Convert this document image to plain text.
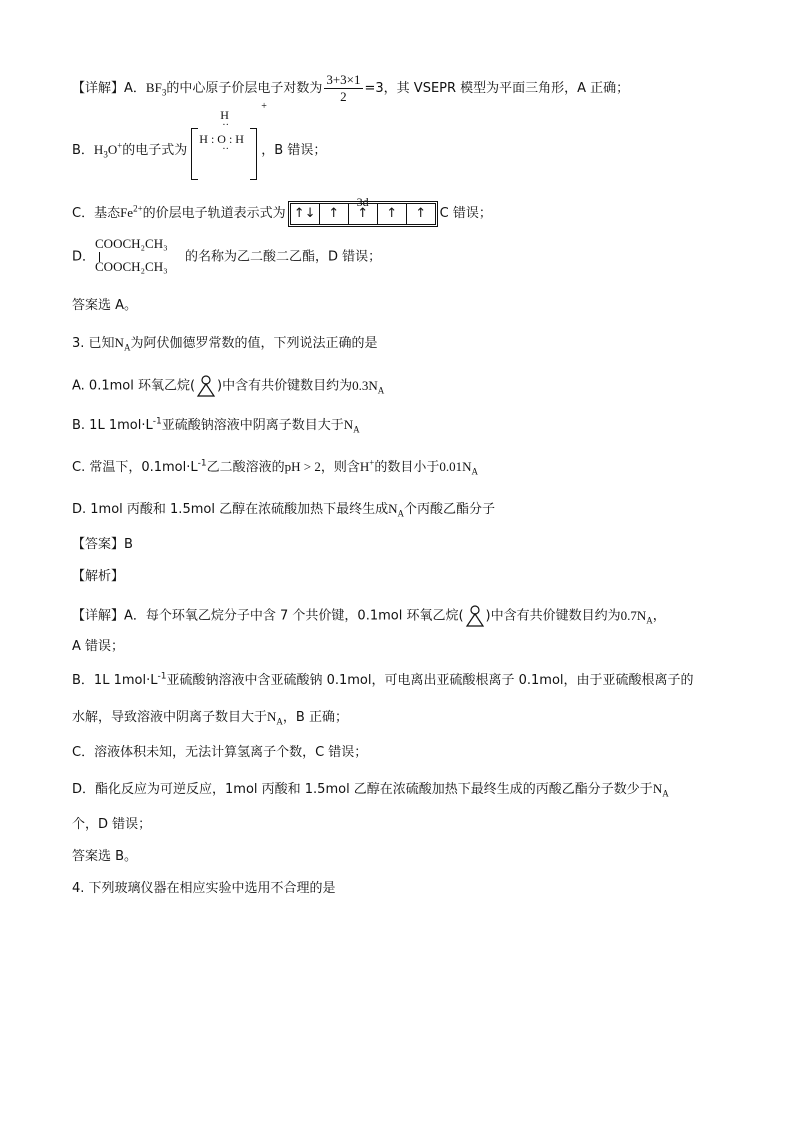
【详解】A．$BF_3$的中心原子价层电子对数为 $\frac{3+3\times 1}{2} =3$，其 VSEPR 模型为平面三角形，A 正确；
B．$H_3O^+$的电子式为
H
··
H : O : H
··
+
，B 错误；
C．基态$Fe^{2+}$的价层电子轨道表示式为
3d
↑↓ ↑	↑	↑	↑	C 错误；
D．
COOCH₂CH₃
COOCH₂CH₃
的名称为乙二酸二乙酯，D 错误；
答案选 A。
3. 已知$N_A$为阿伏伽德罗常数的值，下列说法正确的是
A. 0.1mol 环氧乙烷( )中含有共价键数目约为$0.3N_A$
B. 1L $1mol\cdot L^{-1}$亚硫酸钠溶液中阴离子数目大于$N_A$
C. 常温下，$0.1mol\cdot L^{-1}$乙二酸溶液的pH > 2，则含H+的数目小于$0.01N_A$
D. 1mol 丙酸和 1.5mol 乙醇在浓硫酸加热下最终生成$N_A$个丙酸乙酯分子
【答案】B
【解析】
【详解】A．每个环氧乙烷分子中含 7 个共价键，0.1mol 环氧乙烷( )中含有共价键数目约为$0.7N_A$，
A 错误；
B．1L $1mol\cdot L^{-1}$亚硫酸钠溶液中含亚硫酸钠 0.1mol，可电离出亚硫酸根离子 0.1mol，由于亚硫酸根离子的
水解，导致溶液中阴离子数目大于$N_A$，B 正确；
C．溶液体积未知，无法计算氢离子个数，C 错误；
D．酯化反应为可逆反应，1mol 丙酸和 1.5mol 乙醇在浓硫酸加热下最终生成的丙酸乙酯分子数少于$N_A$
个，D 错误；
答案选 B。
4. 下列玻璃仪器在相应实验中选用不合理的是
